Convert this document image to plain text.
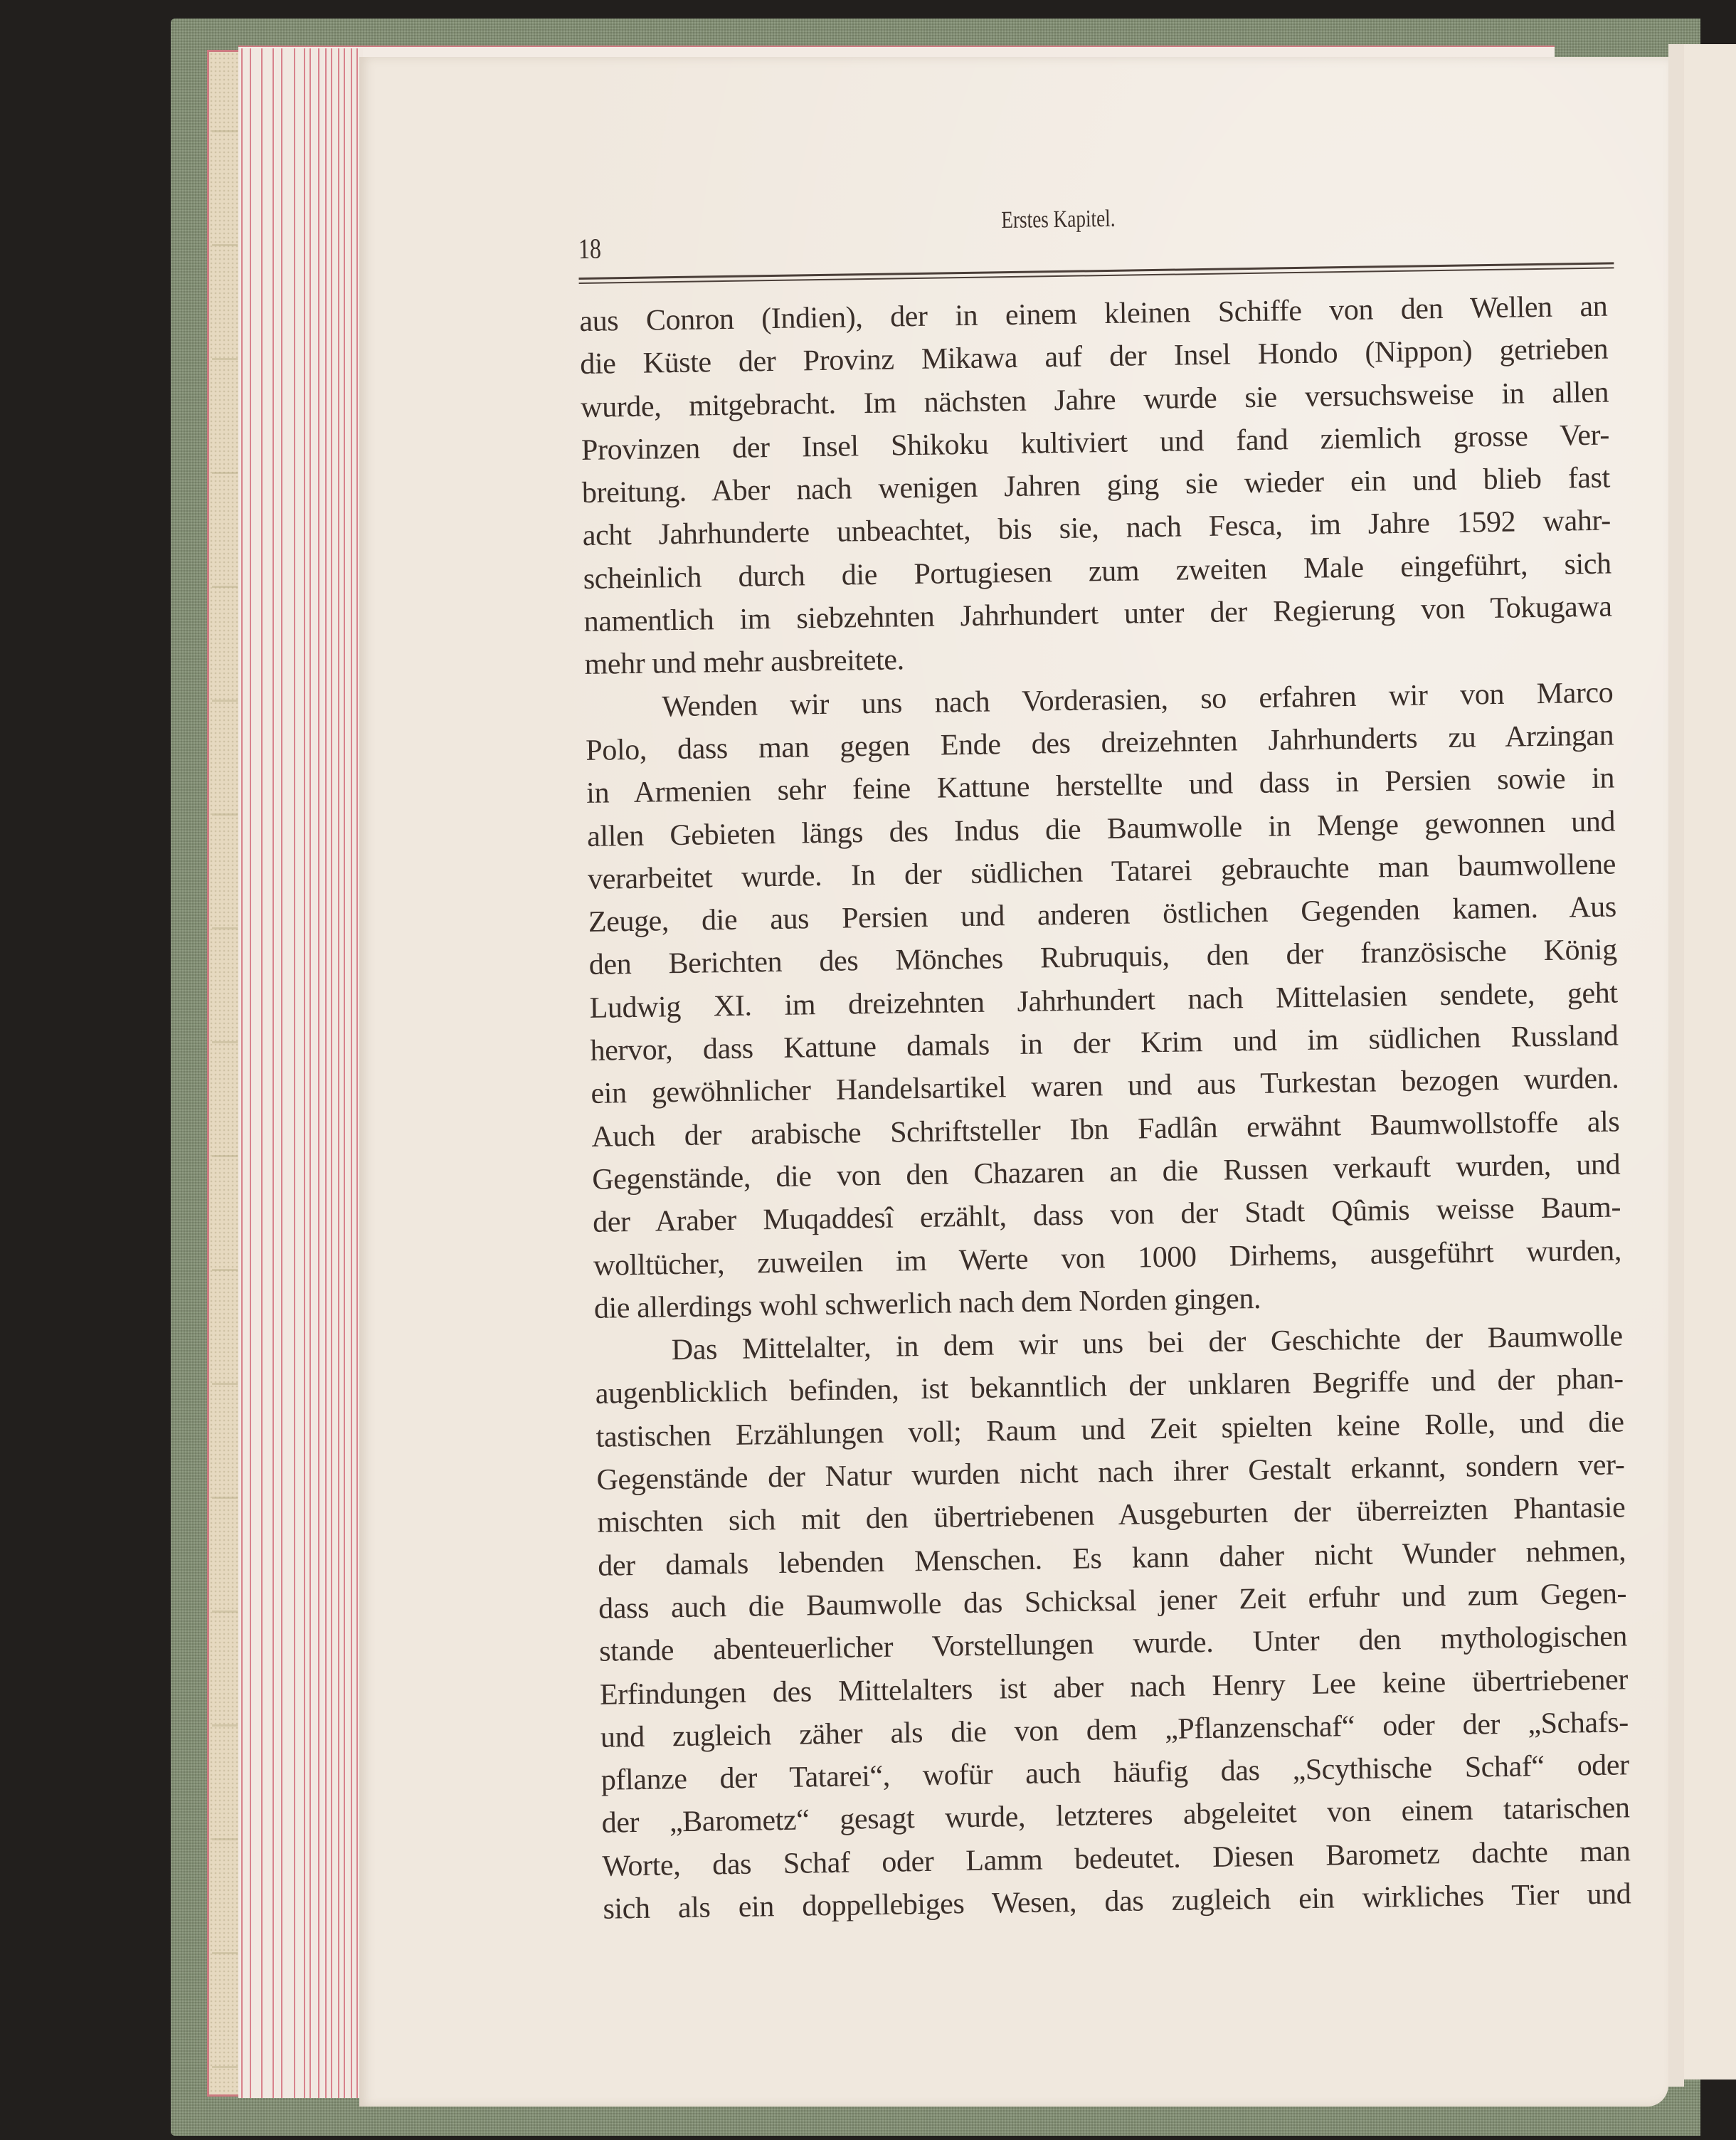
18
Erstes Kapitel.
aus Conron (Indien), der in einem kleinen Schiffe von den Wellen an
die Küste der Provinz Mikawa auf der Insel Hondo (Nippon) getrieben
wurde, mitgebracht. Im nächsten Jahre wurde sie versuchsweise in allen
Provinzen der Insel Shikoku kultiviert und fand ziemlich grosse Ver-
breitung. Aber nach wenigen Jahren ging sie wieder ein und blieb fast
acht Jahrhunderte unbeachtet, bis sie, nach Fesca, im Jahre 1592 wahr-
scheinlich durch die Portugiesen zum zweiten Male eingeführt, sich
namentlich im siebzehnten Jahrhundert unter der Regierung von Tokugawa
mehr und mehr ausbreitete.
Wenden wir uns nach Vorderasien, so erfahren wir von Marco
Polo, dass man gegen Ende des dreizehnten Jahrhunderts zu Arzingan
in Armenien sehr feine Kattune herstellte und dass in Persien sowie in
allen Gebieten längs des Indus die Baumwolle in Menge gewonnen und
verarbeitet wurde. In der südlichen Tatarei gebrauchte man baumwollene
Zeuge, die aus Persien und anderen östlichen Gegenden kamen. Aus
den Berichten des Mönches Rubruquis, den der französische König
Ludwig XI. im dreizehnten Jahrhundert nach Mittelasien sendete, geht
hervor, dass Kattune damals in der Krim und im südlichen Russland
ein gewöhnlicher Handelsartikel waren und aus Turkestan bezogen wurden.
Auch der arabische Schriftsteller Ibn Fadlân erwähnt Baumwollstoffe als
Gegenstände, die von den Chazaren an die Russen verkauft wurden, und
der Araber Muqaddesî erzählt, dass von der Stadt Qûmis weisse Baum-
wolltücher, zuweilen im Werte von 1000 Dirhems, ausgeführt wurden,
die allerdings wohl schwerlich nach dem Norden gingen.
Das Mittelalter, in dem wir uns bei der Geschichte der Baumwolle
augenblicklich befinden, ist bekanntlich der unklaren Begriffe und der phan-
tastischen Erzählungen voll; Raum und Zeit spielten keine Rolle, und die
Gegenstände der Natur wurden nicht nach ihrer Gestalt erkannt, sondern ver-
mischten sich mit den übertriebenen Ausgeburten der überreizten Phantasie
der damals lebenden Menschen. Es kann daher nicht Wunder nehmen,
dass auch die Baumwolle das Schicksal jener Zeit erfuhr und zum Gegen-
stande abenteuerlicher Vorstellungen wurde. Unter den mythologischen
Erfindungen des Mittelalters ist aber nach Henry Lee keine übertriebener
und zugleich zäher als die von dem „Pflanzenschaf“ oder der „Schafs-
pflanze der Tatarei“, wofür auch häufig das „Scythische Schaf“ oder
der „Barometz“ gesagt wurde, letzteres abgeleitet von einem tatarischen
Worte, das Schaf oder Lamm bedeutet. Diesen Barometz dachte man
sich als ein doppellebiges Wesen, das zugleich ein wirkliches Tier und
